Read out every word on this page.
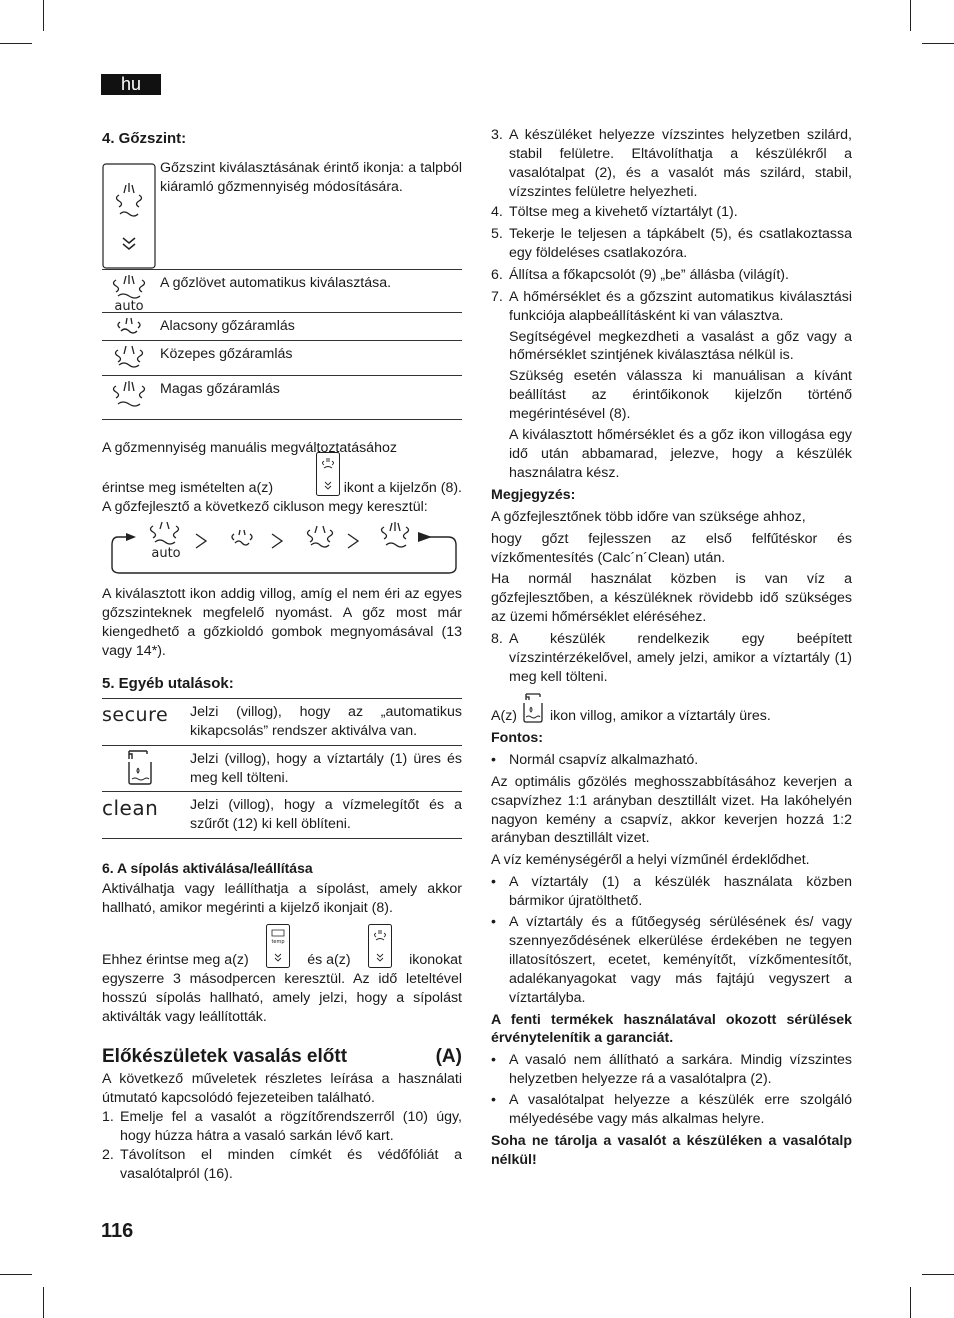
hu
4. Gőzszint:
	Gőzszint kiválasztásának érintő ikonja: a talpból kiáramló gőzmennyiség módosítására.

auto	A gőzlövet automatikus kiválasztása.

	Alacsony gőzáramlás

	Közepes gőzáramlás

	Magas gőzáramlás

A gőzmennyiség manuális megváltoztatásához

érintse meg ismételten a(z)	ikont a kijelzőn (8).

A gőzfejlesztő a következő cikluson megy keresztül:

auto

A kiválasztott ikon addig villog, amíg el nem éri az egyes gőzszinteknek megfelelő nyomást. A gőz most már kiengedhető a gőzkioldó gombok megnyomásával (13 vagy 14*).

5. Egyéb utalások:
secure	Jelzi (villog), hogy az „automatikus kikapcsolás” rendszer aktiválva van.

	Jelzi (villog), hogy a víztartály (1) üres és meg kell tölteni.
clean	Jelzi (villog), hogy a vízmelegítőt és a szűrőt (12) ki kell öblíteni.
6. A sípolás aktiválása/leállítása

Aktiválhatja vagy leállíthatja a sípolást, amely akkor hallható, amikor megérinti a kijelző ikonjait (8).

Ehhez érintse meg a(z)
temp
és a(z)	ikonokat

egyszerre 3 másodpercen keresztül. Az idő leteltével hosszú sípolás hallható, amely jelzi, hogy a sípolást aktiválták vagy leállították.

Előkészületek vasalás előtt	(A)

A következő műveletek részletes leírása a használati útmutató kapcsolódó fejezeteiben található.

1. Emelje fel a vasalót a rögzítőrendszerről (10) úgy, hogy húzza hátra a vasaló sarkán lévő kart.
2. Távolítson el minden címkét és védőfóliát a vasalótalpról (16).
3. A készüléket helyezze vízszintes helyzetben szilárd, stabil felületre. Eltávolíthatja a készülékről a vasalótalpat (2), és a vasalót más szilárd, stabil, vízszintes felületre helyezheti.
4. Töltse meg a kivehető víztartályt (1).
5. Tekerje le teljesen a tápkábelt (5), és csatlakoztassa egy földeléses csatlakozóra.
6. Állítsa a főkapcsolót (9) „be” állásba (világít).
7. A hőmérséklet és a gőzszint automatikus kiválasztási funkciója alapbeállításként ki van választva.

Segítségével megkezdheti a vasalást a gőz vagy a hőmérséklet szintjének kiválasztása nélkül is.

Szükség esetén válassza ki manuálisan a kívánt beállítást az érintőikonok kijelzőn történő megérintésével (8).

A kiválasztott hőmérséklet és a gőz ikon villogása egy idő után abbamarad, jelezve, hogy a készülék használatra kész.

Megjegyzés:

A gőzfejlesztőnek több időre van szüksége ahhoz,

hogy gőzt fejlesszen az első felfűtéskor és vízkőmentesítés (Calc´n´Clean) után.

Ha normál használat közben is van víz a gőzfejlesztőben, a készüléknek rövidebb idő szükséges az üzemi hőmérséklet eléréséhez.

8. A készülék rendelkezik egy beépített vízszintérzékelővel, amely jelzi, amikor a víztartály (1) meg kell tölteni.
A(z) ikon villog, amikor a víztartály üres.

Fontos:

• Normál csapvíz alkalmazható.

Az optimális gőzölés meghosszabbításához keverjen a csapvízhez 1:1 arányban desztillált vizet. Ha lakóhelyén nagyon kemény a csapvíz, akkor keverjen hozzá 1:2 arányban desztillált vizet.

A víz keménységéről a helyi vízműnél érdeklődhet.

• A víztartály (1) a készülék használata közben bármikor újratölthető.
• A víztartály és a fűtőegység sérülésének és/ vagy szennyeződésének elkerülése érdekében ne tegyen illatosítószert, ecetet, keményítőt, vízkőmentesítőt, adalékanyagokat vagy más fajtájú vegyszert a víztartályba.

A fenti termékek használatával okozott sérülések érvénytelenítik a garanciát.

• A vasaló nem állítható a sarkára. Mindig vízszintes helyzetben helyezze rá a vasalótalpra (2).
• A vasalótalpat helyezze a készülék erre szolgáló mélyedésébe vagy más alkalmas helyre.

Soha ne tárolja a vasalót a készüléken a vasalótalp nélkül!

116
